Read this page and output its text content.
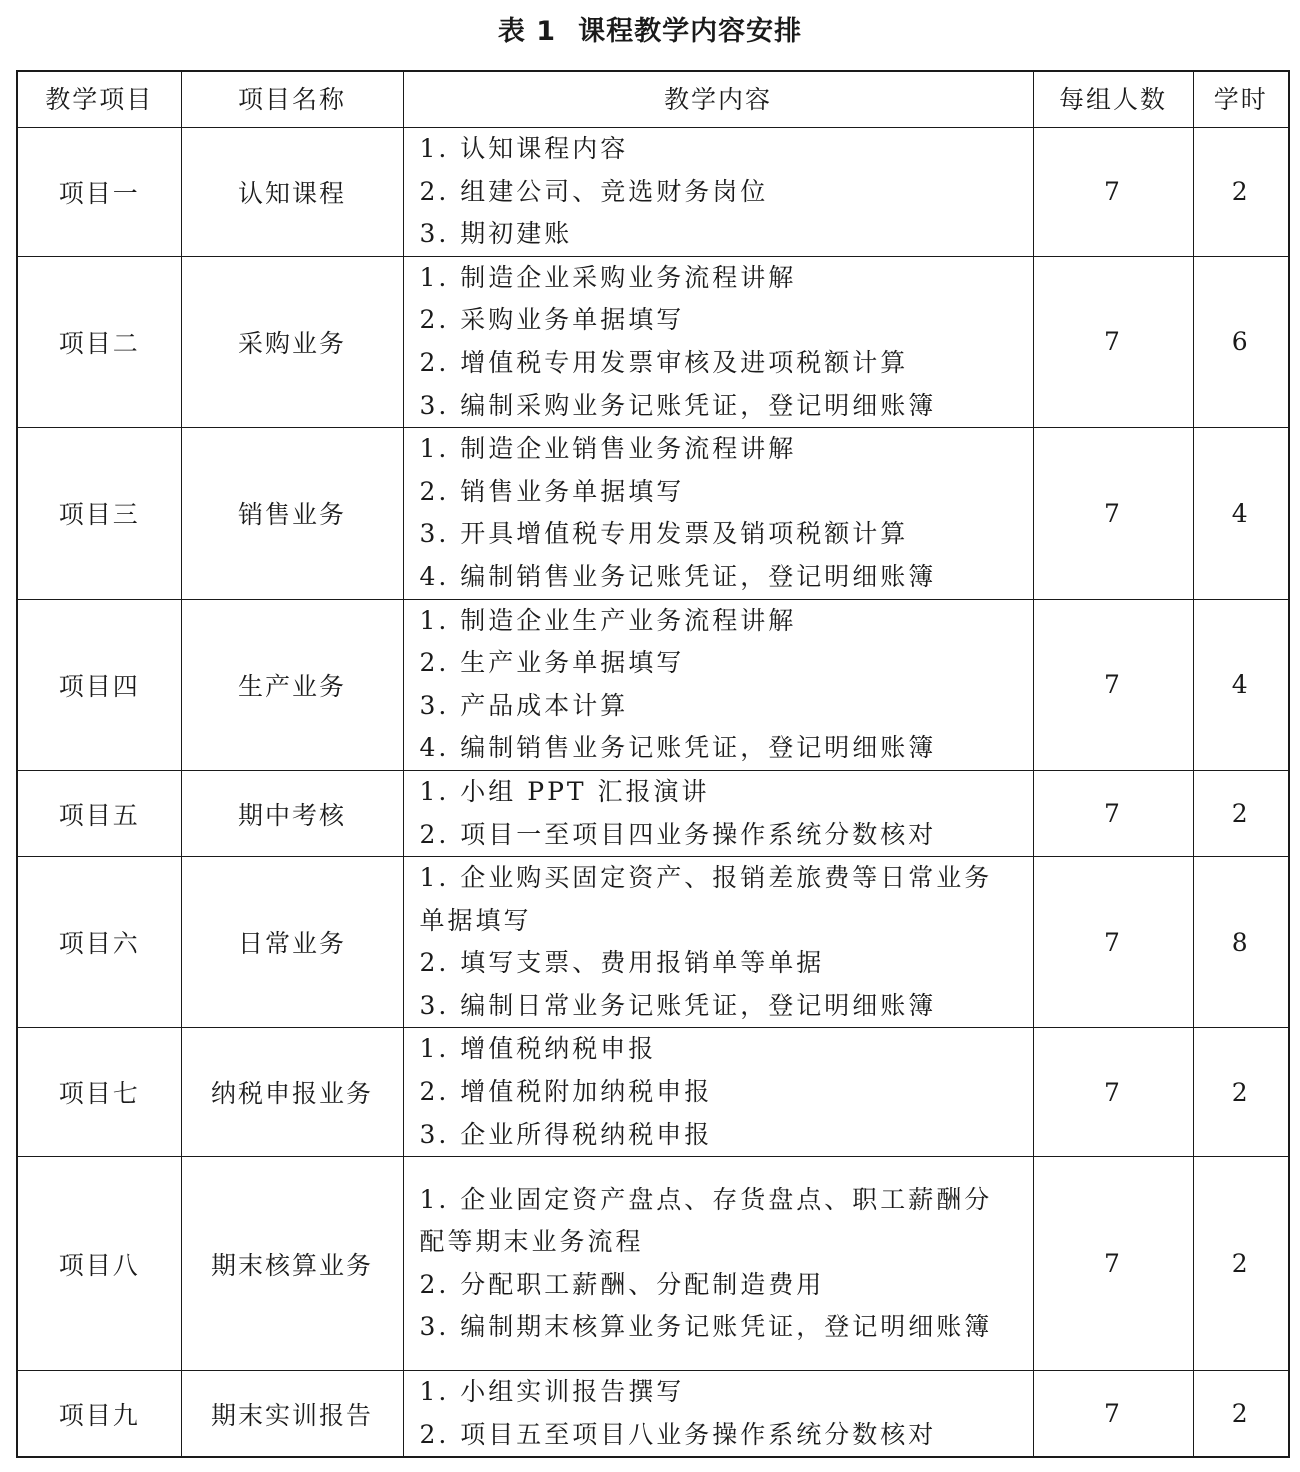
表 1 课程教学内容安排
教学项目	项目名称	教学内容	每组人数	学时
项目一	认知课程	1. 认知课程内容
2. 组建公司、竞选财务岗位
3. 期初建账	7	2
项目二	采购业务	1. 制造企业采购业务流程讲解
2. 采购业务单据填写
2. 增值税专用发票审核及进项税额计算
3. 编制采购业务记账凭证，登记明细账簿	7	6
项目三	销售业务	1. 制造企业销售业务流程讲解
2. 销售业务单据填写
3. 开具增值税专用发票及销项税额计算
4. 编制销售业务记账凭证，登记明细账簿	7	4
项目四	生产业务	1. 制造企业生产业务流程讲解
2. 生产业务单据填写
3. 产品成本计算
4. 编制销售业务记账凭证，登记明细账簿	7	4
项目五	期中考核	1. 小组 PPT 汇报演讲
2. 项目一至项目四业务操作系统分数核对	7	2
项目六	日常业务	1. 企业购买固定资产、报销差旅费等日常业务单据填写
2. 填写支票、费用报销单等单据
3. 编制日常业务记账凭证，登记明细账簿	7	8
项目七	纳税申报业务	1. 增值税纳税申报
2. 增值税附加纳税申报
3. 企业所得税纳税申报	7	2
项目八	期末核算业务	1. 企业固定资产盘点、存货盘点、职工薪酬分配等期末业务流程
2. 分配职工薪酬、分配制造费用
3. 编制期末核算业务记账凭证，登记明细账簿	7	2
项目九	期末实训报告	1. 小组实训报告撰写
2. 项目五至项目八业务操作系统分数核对	7	2
